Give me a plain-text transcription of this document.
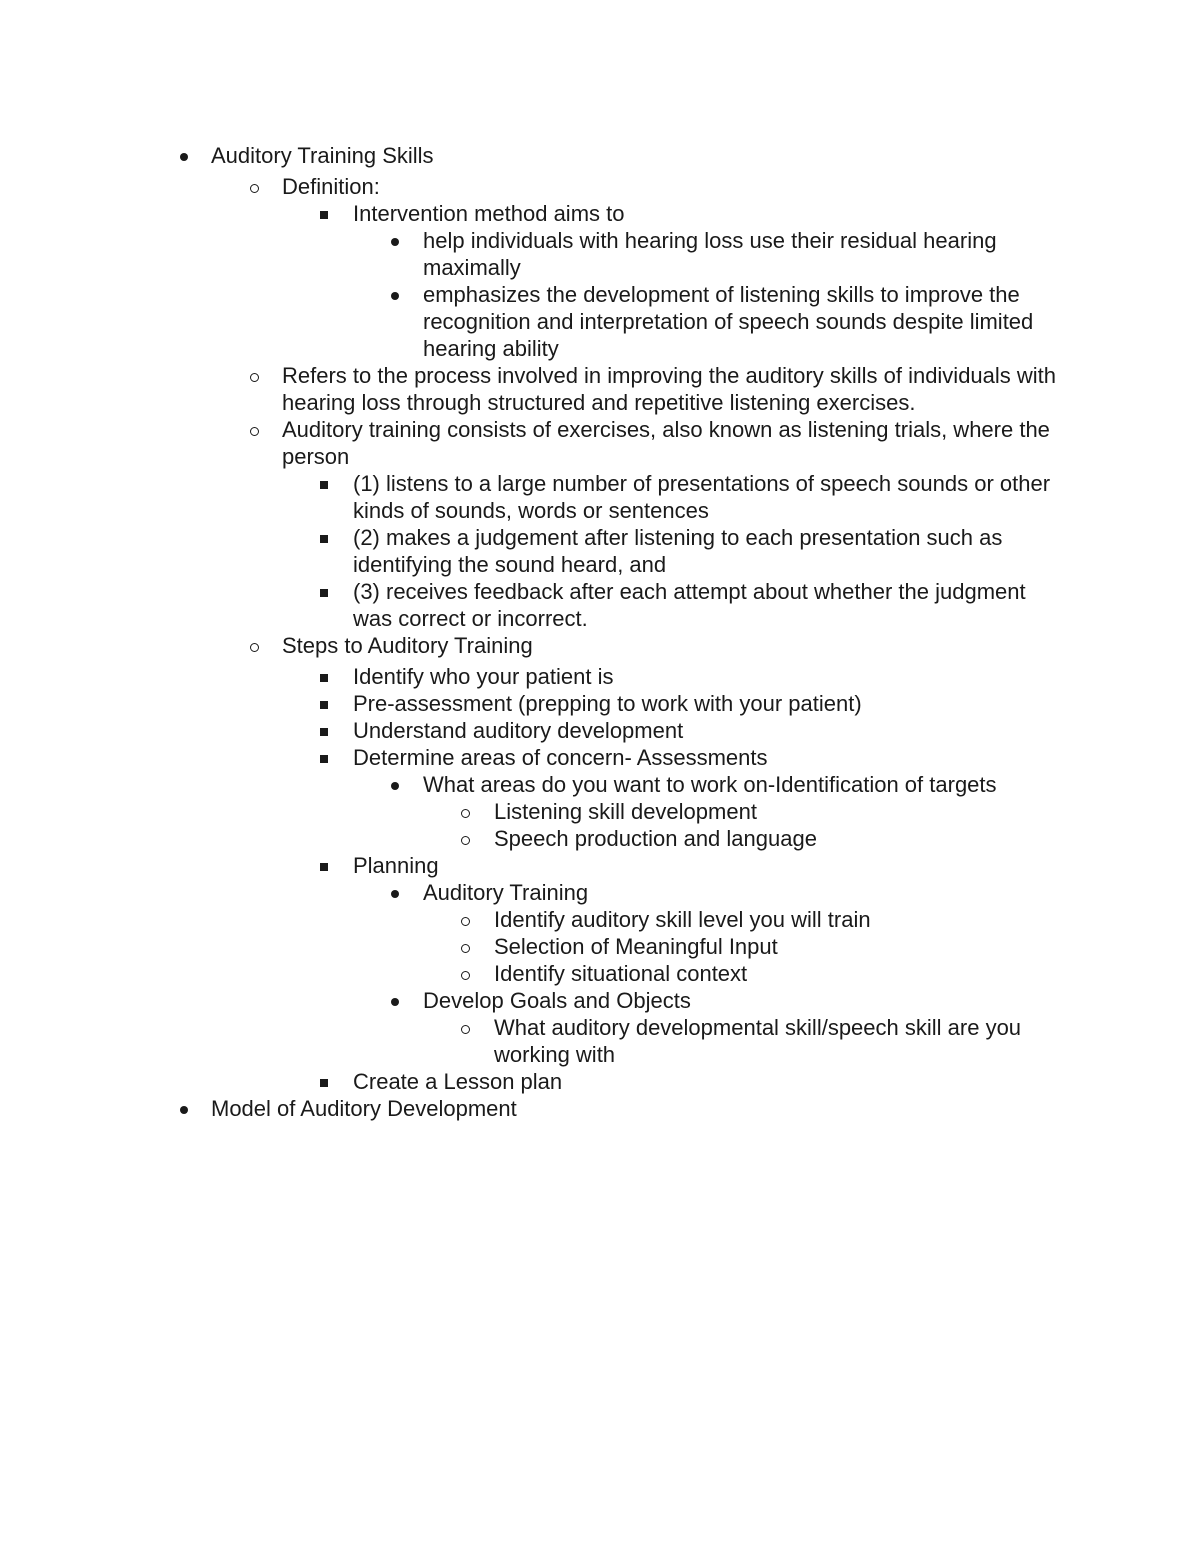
Auditory Training Skills
Definition:
Intervention method aims to
help individuals with hearing loss use their residual hearing maximally
emphasizes the development of listening skills to improve the recognition and interpretation of speech sounds despite limited hearing ability
Refers to the process involved in improving the auditory skills of individuals with hearing loss through structured and repetitive listening exercises.
Auditory training consists of exercises, also known as listening trials, where the person
(1) listens to a large number of presentations of speech sounds or other kinds of sounds, words or sentences
(2) makes a judgement after listening to each presentation such as identifying the sound heard, and
(3) receives feedback after each attempt about whether the judgment was correct or incorrect.
Steps to Auditory Training
Identify who your patient is
Pre-assessment (prepping to work with your patient)
Understand auditory development
Determine areas of concern- Assessments
What areas do you want to work on-Identification of targets
Listening skill development
Speech production and language
Planning
Auditory Training
Identify auditory skill level you will train
Selection of Meaningful Input
Identify situational context
Develop Goals and Objects
What auditory developmental skill/speech skill are you working with
Create a Lesson plan
Model of Auditory Development
